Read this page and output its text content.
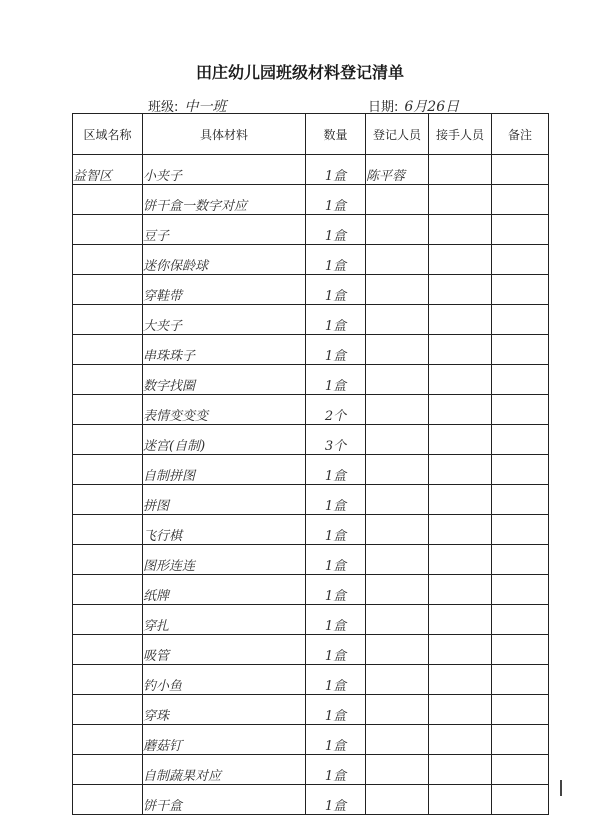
田庄幼儿园班级材料登记清单
班级: 中一班	日期: 6月26日
区域名称	具体材料	数量	登记人员	接手人员	备注
益智区	小夹子	1盒	陈平蓉		
	饼干盒一数字对应	1盒			
	豆子	1盒			
	迷你保龄球	1盒			
	穿鞋带	1盒			
	大夹子	1盒			
	串珠珠子	1盒			
	数字找圈	1盒			
	表情变变变	2个			
	迷宫(自制)	3个			
	自制拼图	1盒			
	拼图	1盒			
	飞行棋	1盒			
	图形连连	1盒			
	纸牌	1盒			
	穿扎	1盒			
	吸管	1盒			
	钓小鱼	1盒			
	穿珠	1盒			
	蘑菇钉	1盒			
	自制蔬果对应	1盒			
	饼干盒	1盒			
